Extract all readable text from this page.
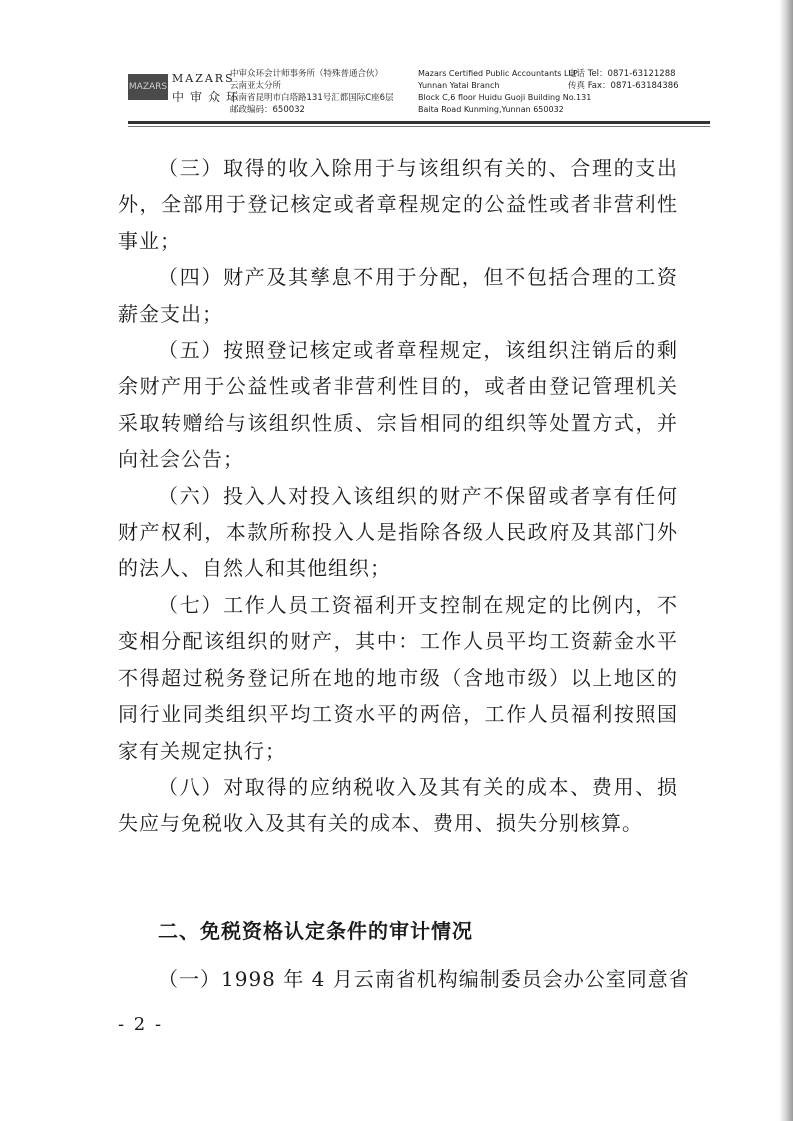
MAZARS
MAZARS
中审众环
中审众环会计师事务所（特殊普通合伙）
云南亚太分所
云南省昆明市白塔路131号汇都国际C座6层
邮政编码：650032
Mazars Certified Public Accountants LLP
Yunnan Yatai Branch
Block C,6 floor Huidu Guoji Building No.131
Baita Road Kunming,Yunnan 650032
电话 Tel：0871-63121288
传真 Fax：0871-63184386

（三）取得的收入除用于与该组织有关的、合理的支出外，全部用于登记核定或者章程规定的公益性或者非营利性事业；

（四）财产及其孳息不用于分配，但不包括合理的工资薪金支出；

（五）按照登记核定或者章程规定，该组织注销后的剩余财产用于公益性或者非营利性目的，或者由登记管理机关采取转赠给与该组织性质、宗旨相同的组织等处置方式，并向社会公告；

（六）投入人对投入该组织的财产不保留或者享有任何财产权利，本款所称投入人是指除各级人民政府及其部门外的法人、自然人和其他组织；

（七）工作人员工资福利开支控制在规定的比例内，不变相分配该组织的财产，其中：工作人员平均工资薪金水平不得超过税务登记所在地的地市级（含地市级）以上地区的同行业同类组织平均工资水平的两倍，工作人员福利按照国家有关规定执行；

（八）对取得的应纳税收入及其有关的成本、费用、损失应与免税收入及其有关的成本、费用、损失分别核算。

二、免税资格认定条件的审计情况
（一）1998 年 4 月云南省机构编制委员会办公室同意省
- 2 -
